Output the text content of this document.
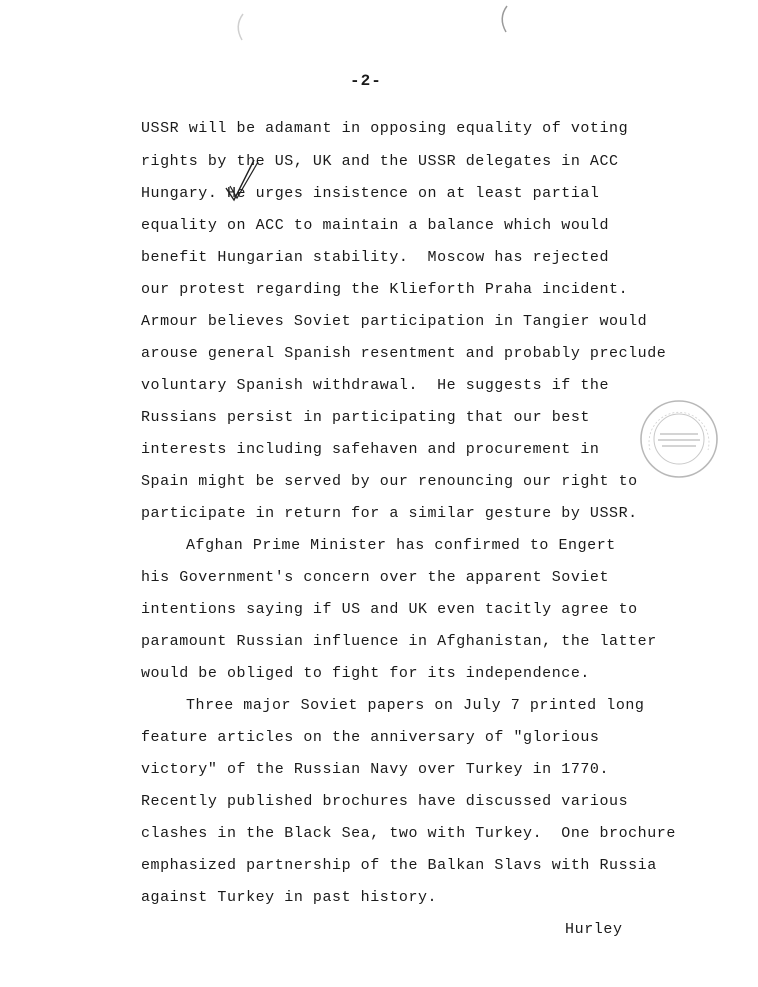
-2-
USSR will be adamant in opposing equality of voting
rights by the US, UK and the USSR delegates in ACC
Hungary. He urges insistence on at least partial
equality on ACC to maintain a balance which would
benefit Hungarian stability.  Moscow has rejected
our protest regarding the Klieforth Praha incident.
Armour believes Soviet participation in Tangier would
arouse general Spanish resentment and probably preclude
voluntary Spanish withdrawal.  He suggests if the
Russians persist in participating that our best
interests including safehaven and procurement in
Spain might be served by our renouncing our right to
participate in return for a similar gesture by USSR.
Afghan Prime Minister has confirmed to Engert
his Government's concern over the apparent Soviet
intentions saying if US and UK even tacitly agree to
paramount Russian influence in Afghanistan, the latter
would be obliged to fight for its independence.
Three major Soviet papers on July 7 printed long
feature articles on the anniversary of "glorious
victory" of the Russian Navy over Turkey in 1770.
Recently published brochures have discussed various
clashes in the Black Sea, two with Turkey.  One brochure
emphasized partnership of the Balkan Slavs with Russia
against Turkey in past history.
Hurley
